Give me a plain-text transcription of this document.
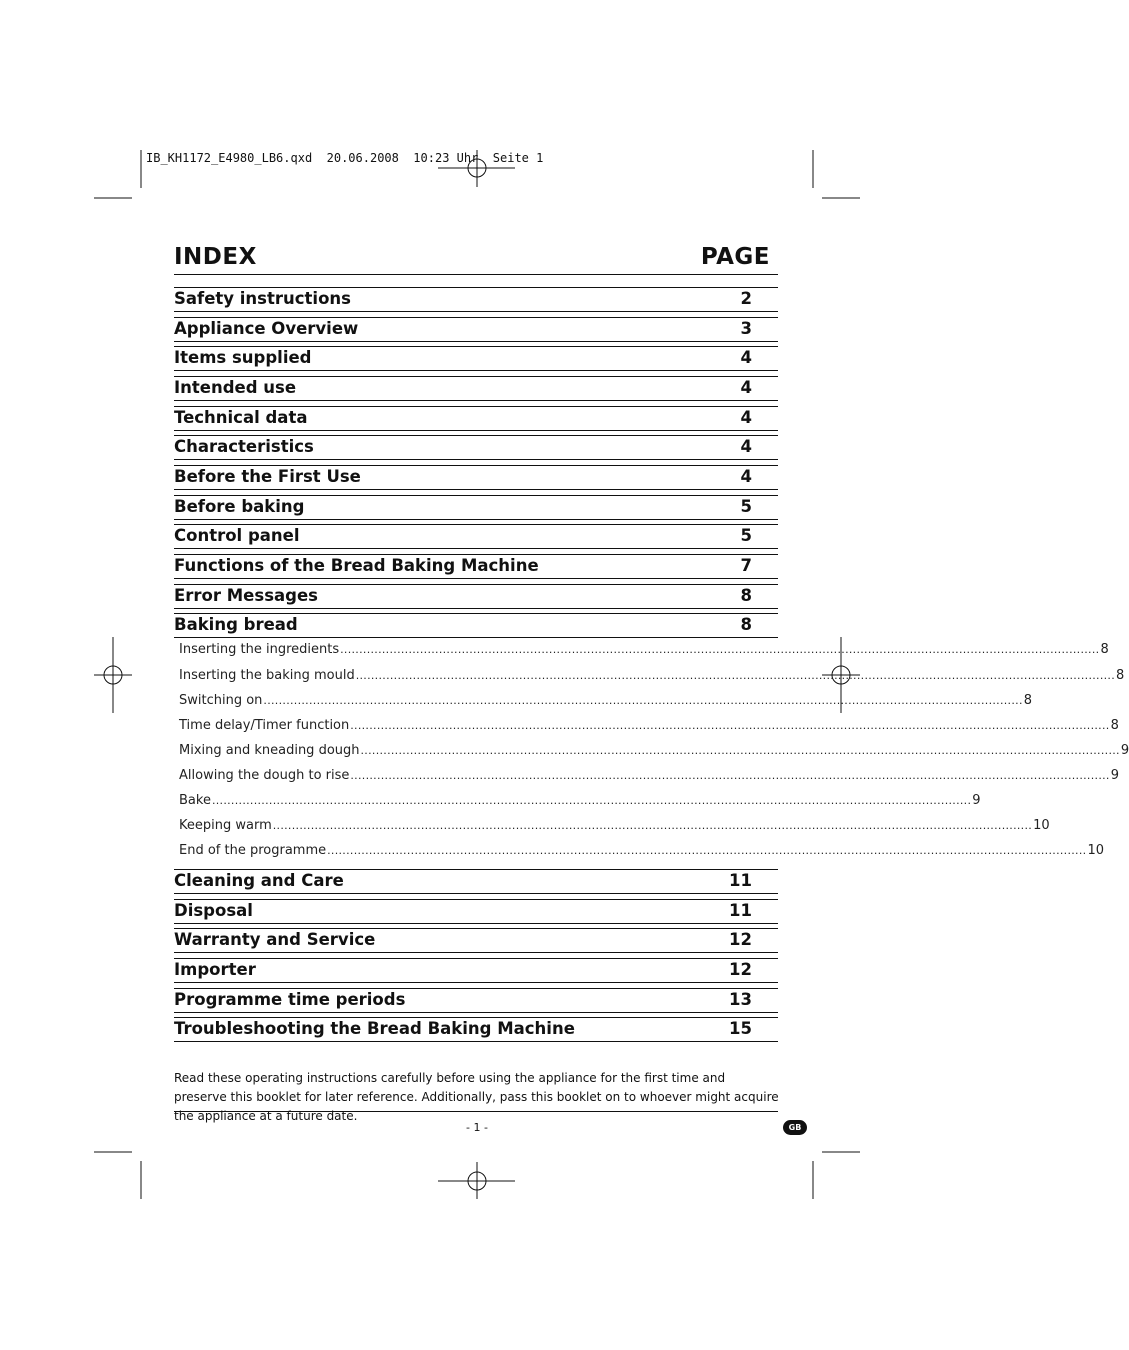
IB_KH1172_E4980_LB6.qxd  20.06.2008  10:23 Uhr  Seite 1
INDEX	PAGE
Safety instructions	2
Appliance Overview	3
Items supplied	4
Intended use	4
Technical data	4
Characteristics	4
Before the First Use	4
Before baking	5
Control panel	5
Functions of the Bread Baking Machine	7
Error Messages	8
Baking bread	8
Cleaning and Care	11
Disposal	11
Warranty and Service	12
Importer	12
Programme time periods	13
Troubleshooting the Bread Baking Machine	15
Inserting the ingredients ........................................................................................................................................................................................................ 8
Inserting the baking mould ........................................................................................................................................................................................................ 8
Switching on ........................................................................................................................................................................................................ 8
Time delay/Timer function ........................................................................................................................................................................................................ 8
Mixing and kneading dough ........................................................................................................................................................................................................ 9
Allowing the dough to rise ........................................................................................................................................................................................................ 9
Bake ........................................................................................................................................................................................................ 9
Keeping warm ........................................................................................................................................................................................................ 10
End of the programme ........................................................................................................................................................................................................ 10
Read these operating instructions carefully before using the appliance for the first time and preserve this booklet for later reference. Additionally, pass this booklet on to whoever might acquire the appliance at a future date.
- 1 -	GB
